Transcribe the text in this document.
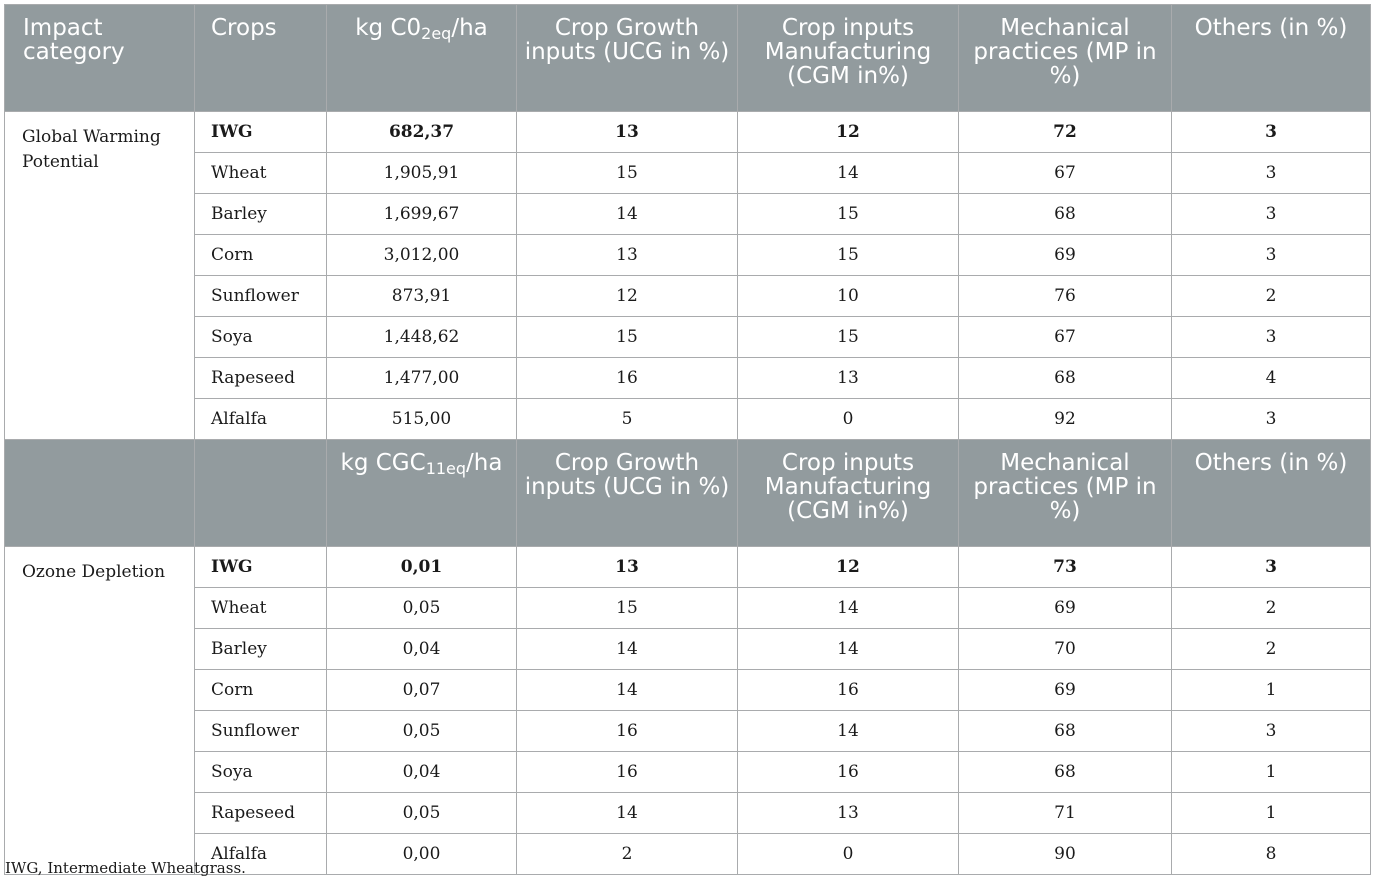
Impact category	Crops	kg $C0_{2eq}/ha$	Crop Growth inputs (UCG in %)	Crop inputs Manufacturing (CGM in%)	Mechanical practices (MP in %)	Others (in %)
Global Warming Potential	IWG	682,37	13	12	72	3
	Wheat	1,905,91	15	14	67	3
	Barley	1,699,67	14	15	68	3
	Corn	3,012,00	13	15	69	3
	Sunflower	873,91	12	10	76	2
	Soya	1,448,62	15	15	67	3
	Rapeseed	1,477,00	16	13	68	4
	Alfalfa	515,00	5	0	92	3
		kg $CGC_{11eq}/ha$	Crop Growth inputs (UCG in %)	Crop inputs Manufacturing (CGM in%)	Mechanical practices (MP in %)	Others (in %)
Ozone Depletion	IWG	0,01	13	12	73	3
	Wheat	0,05	15	14	69	2
	Barley	0,04	14	14	70	2
	Corn	0,07	14	16	69	1
	Sunflower	0,05	16	14	68	3
	Soya	0,04	16	16	68	1
	Rapeseed	0,05	14	13	71	1
	Alfalfa	0,00	2	0	90	8
IWG, Intermediate Wheatgrass.
